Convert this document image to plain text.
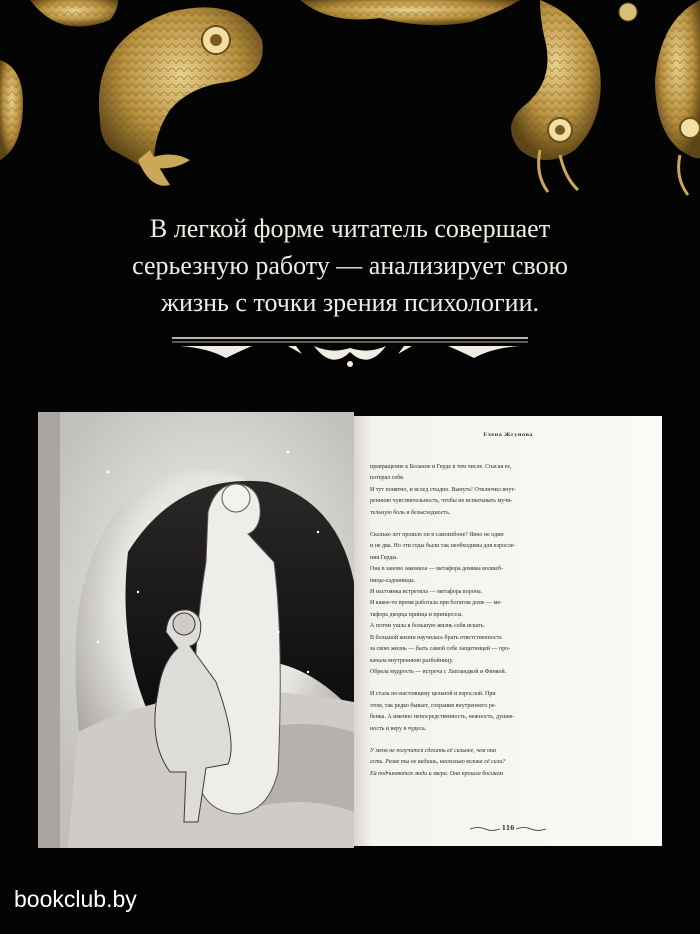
В легкой форме читатель совершает
серьезную работу — анализирует свою
жизнь с точки зрения психологии.
Елена Жгунова

превращение к Беланпе и Герде в том числе. Спасая ее,

потерял себя.

И тут понятно, и вслед стыдно. Вынуть! Отключил внут-

реннюю чувствительность, чтобы не испытывать мучи-

тельную боль и безысходность.

Сколько лет прошло он в самоизбоне? Явно не один

и не два. Но эти годы были так необходимы для взросле-

ния Герды.

Она в заново законила — метафора домика волшеб-

ницы-садовницы.

И настоянка встретила — метафора ворона.

И какое-то время работала при богатом доме — ме-

тафора дворца принца и принцессы.

А потом ушла в большую жизнь себя искать.

В большой жизни научилась брать ответственность

за свою жизнь — быть самой себе защитницей — про-

качала внутреннюю разбойницу.

Обрела мудрость — встреча с Лапландкой и Финкой.

И стала по-настоящему цельной и взрослой. При

этом, так редко бывает, сохранив внутреннего ре-

бенка. А именно непосредственность, нежность, душев-

ность и веру в чудеса.

У меня не получится сделать её сильнее, чем она

есть. Разве ты не видишь, насколько велика её сила?

Ей подчиняются люди и звери. Она прошла босиком

116
bookclub.by
